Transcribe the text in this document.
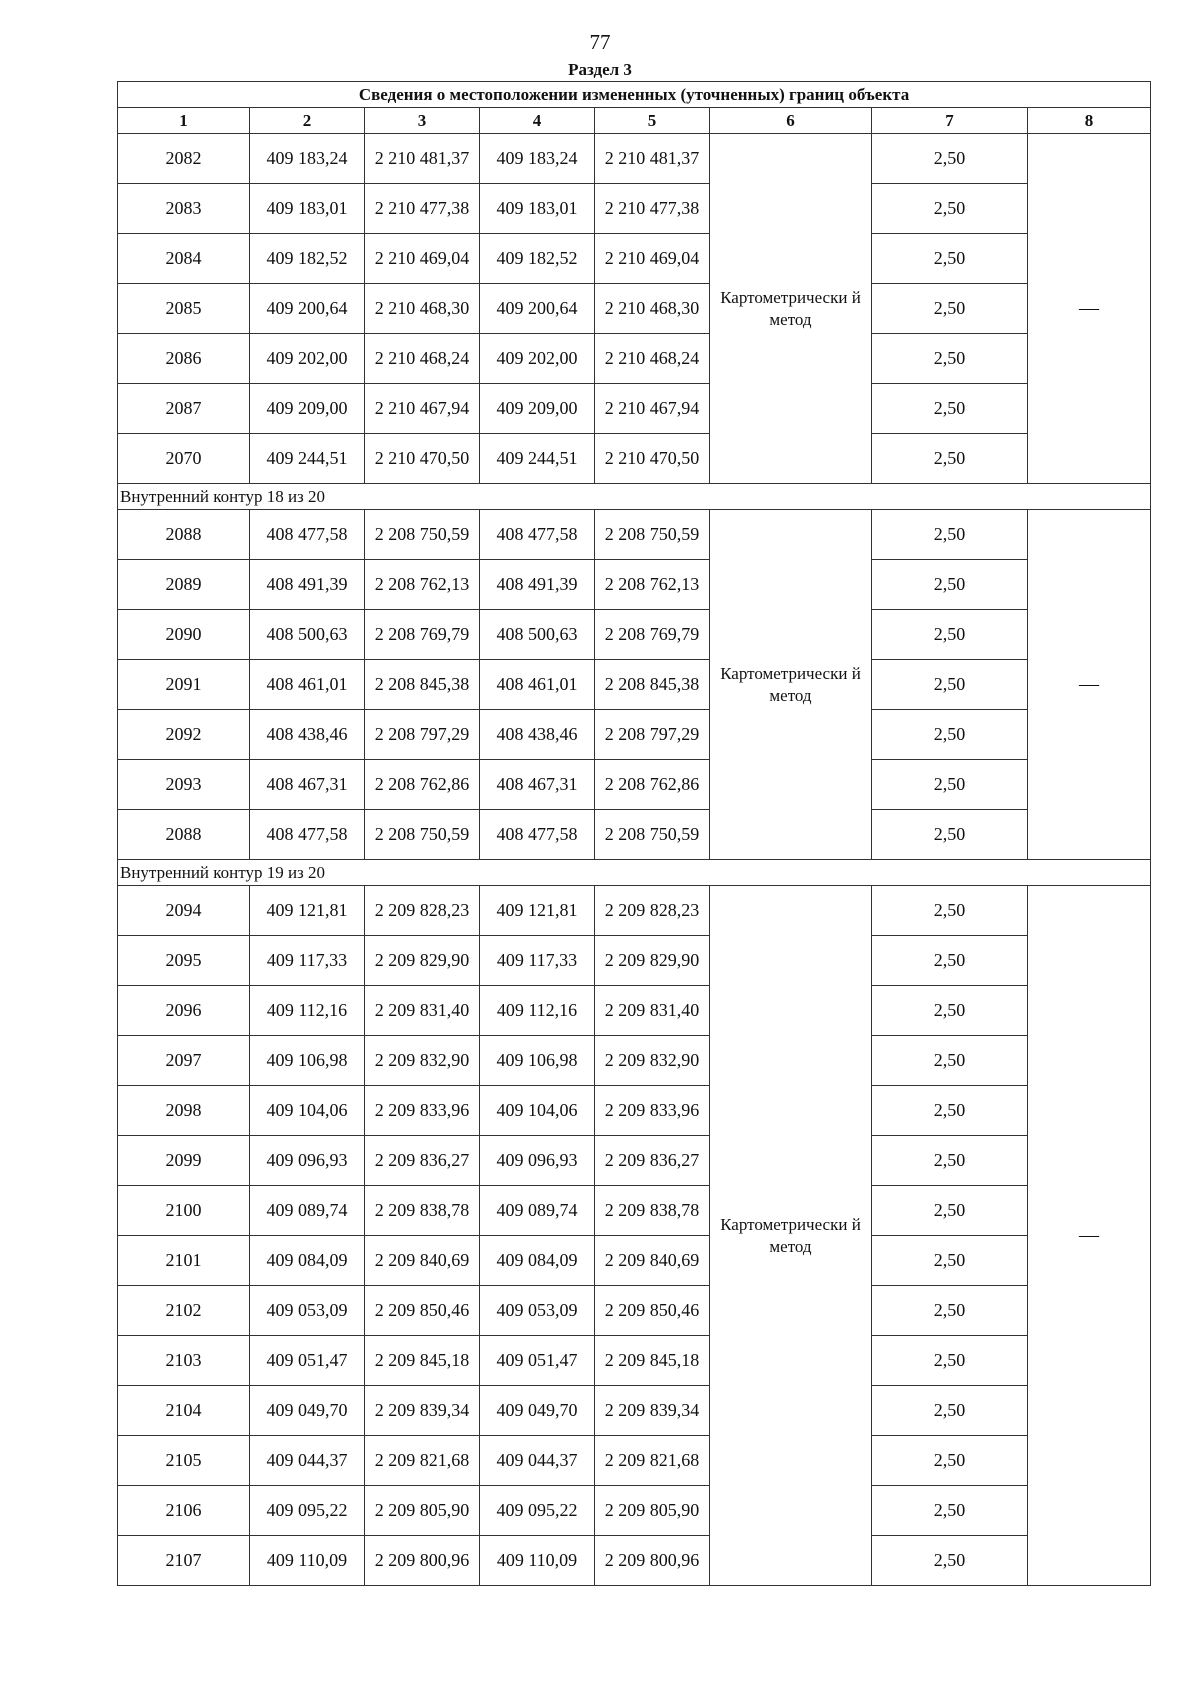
77
Раздел 3
Сведения о местоположении измененных (уточненных) границ объекта							
1	2	3	4	5	6	7	8
2082	409 183,24	2 210 481,37	409 183,24	2 210 481,37	Картометрически й метод	2,50	—
2083	409 183,01	2 210 477,38	409 183,01	2 210 477,38		2,50	
2084	409 182,52	2 210 469,04	409 182,52	2 210 469,04		2,50	
2085	409 200,64	2 210 468,30	409 200,64	2 210 468,30		2,50	
2086	409 202,00	2 210 468,24	409 202,00	2 210 468,24		2,50	
2087	409 209,00	2 210 467,94	409 209,00	2 210 467,94		2,50	
2070	409 244,51	2 210 470,50	409 244,51	2 210 470,50		2,50	
Внутренний контур 18 из 20							
2088	408 477,58	2 208 750,59	408 477,58	2 208 750,59	Картометрически й метод	2,50	—
2089	408 491,39	2 208 762,13	408 491,39	2 208 762,13		2,50	
2090	408 500,63	2 208 769,79	408 500,63	2 208 769,79		2,50	
2091	408 461,01	2 208 845,38	408 461,01	2 208 845,38		2,50	
2092	408 438,46	2 208 797,29	408 438,46	2 208 797,29		2,50	
2093	408 467,31	2 208 762,86	408 467,31	2 208 762,86		2,50	
2088	408 477,58	2 208 750,59	408 477,58	2 208 750,59		2,50	
Внутренний контур 19 из 20							
2094	409 121,81	2 209 828,23	409 121,81	2 209 828,23	Картометрически й метод	2,50	—
2095	409 117,33	2 209 829,90	409 117,33	2 209 829,90		2,50	
2096	409 112,16	2 209 831,40	409 112,16	2 209 831,40		2,50	
2097	409 106,98	2 209 832,90	409 106,98	2 209 832,90		2,50	
2098	409 104,06	2 209 833,96	409 104,06	2 209 833,96		2,50	
2099	409 096,93	2 209 836,27	409 096,93	2 209 836,27		2,50	
2100	409 089,74	2 209 838,78	409 089,74	2 209 838,78		2,50	
2101	409 084,09	2 209 840,69	409 084,09	2 209 840,69		2,50	
2102	409 053,09	2 209 850,46	409 053,09	2 209 850,46		2,50	
2103	409 051,47	2 209 845,18	409 051,47	2 209 845,18		2,50	
2104	409 049,70	2 209 839,34	409 049,70	2 209 839,34		2,50	
2105	409 044,37	2 209 821,68	409 044,37	2 209 821,68		2,50	
2106	409 095,22	2 209 805,90	409 095,22	2 209 805,90		2,50	
2107	409 110,09	2 209 800,96	409 110,09	2 209 800,96		2,50	
